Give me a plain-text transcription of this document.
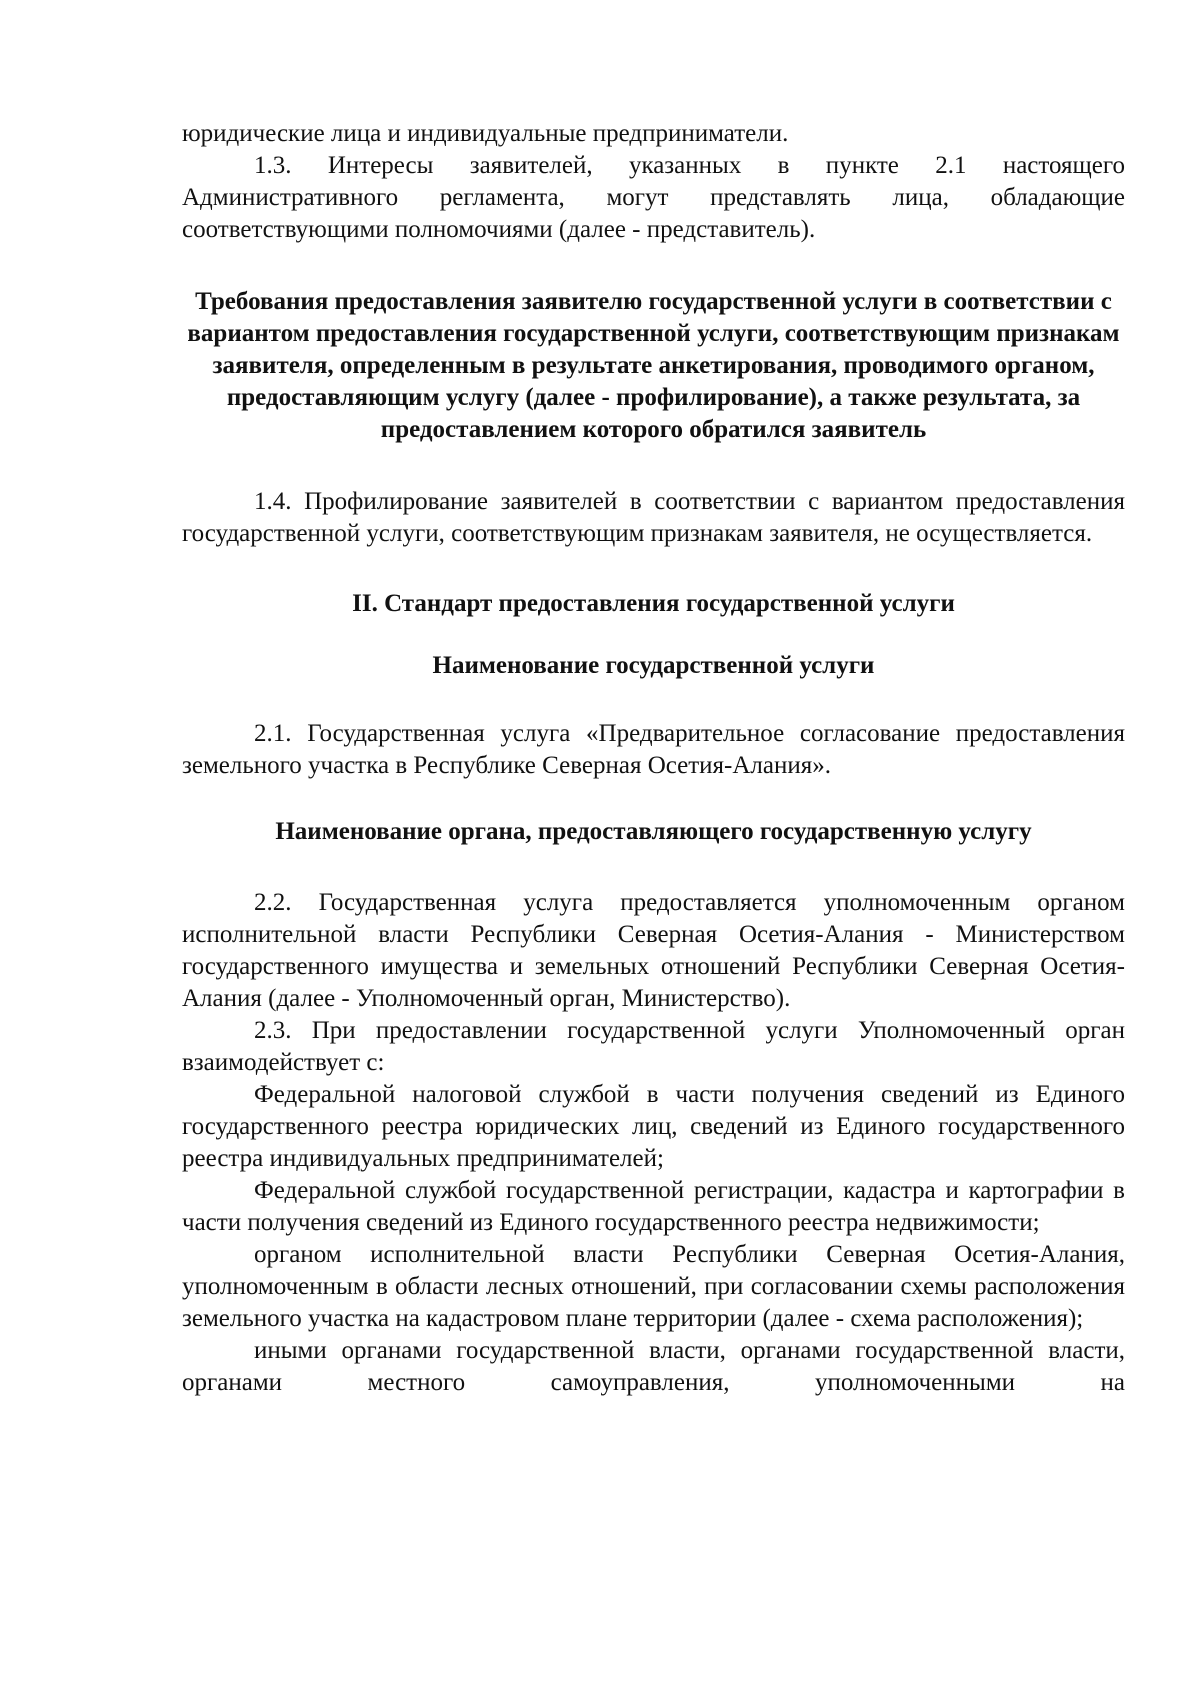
юридические лица и индивидуальные предприниматели.

1.3. Интересы заявителей, указанных в пункте 2.1 настоящего Административного регламента, могут представлять лица, обладающие соответствующими полномочиями (далее - представитель).

Требования предоставления заявителю государственной услуги в соответствии с вариантом предоставления государственной услуги, соответствующим признакам заявителя, определенным в результате анкетирования, проводимого органом, предоставляющим услугу (далее - профилирование), а также результата, за предоставлением которого обратился заявитель

1.4. Профилирование заявителей в соответствии с вариантом предоставления государственной услуги, соответствующим признакам заявителя, не осуществляется.

II. Стандарт предоставления государственной услуги
Наименование государственной услуги

2.1. Государственная услуга «Предварительное согласование предоставления земельного участка в Республике Северная Осетия-Алания».

Наименование органа, предоставляющего государственную услугу

2.2. Государственная услуга предоставляется уполномоченным органом исполнительной власти Республики Северная Осетия-Алания - Министерством государственного имущества и земельных отношений Республики Северная Осетия-Алания (далее - Уполномоченный орган, Министерство).

2.3. При предоставлении государственной услуги Уполномоченный орган взаимодействует с:

Федеральной налоговой службой в части получения сведений из Единого государственного реестра юридических лиц, сведений из Единого государственного реестра индивидуальных предпринимателей;

Федеральной службой государственной регистрации, кадастра и картографии в части получения сведений из Единого государственного реестра недвижимости;

органом исполнительной власти Республики Северная Осетия-Алания, уполномоченным в области лесных отношений, при согласовании схемы расположения земельного участка на кадастровом плане территории (далее - схема расположения);

иными органами государственной власти, органами государственной власти, органами местного самоуправления, уполномоченными на
